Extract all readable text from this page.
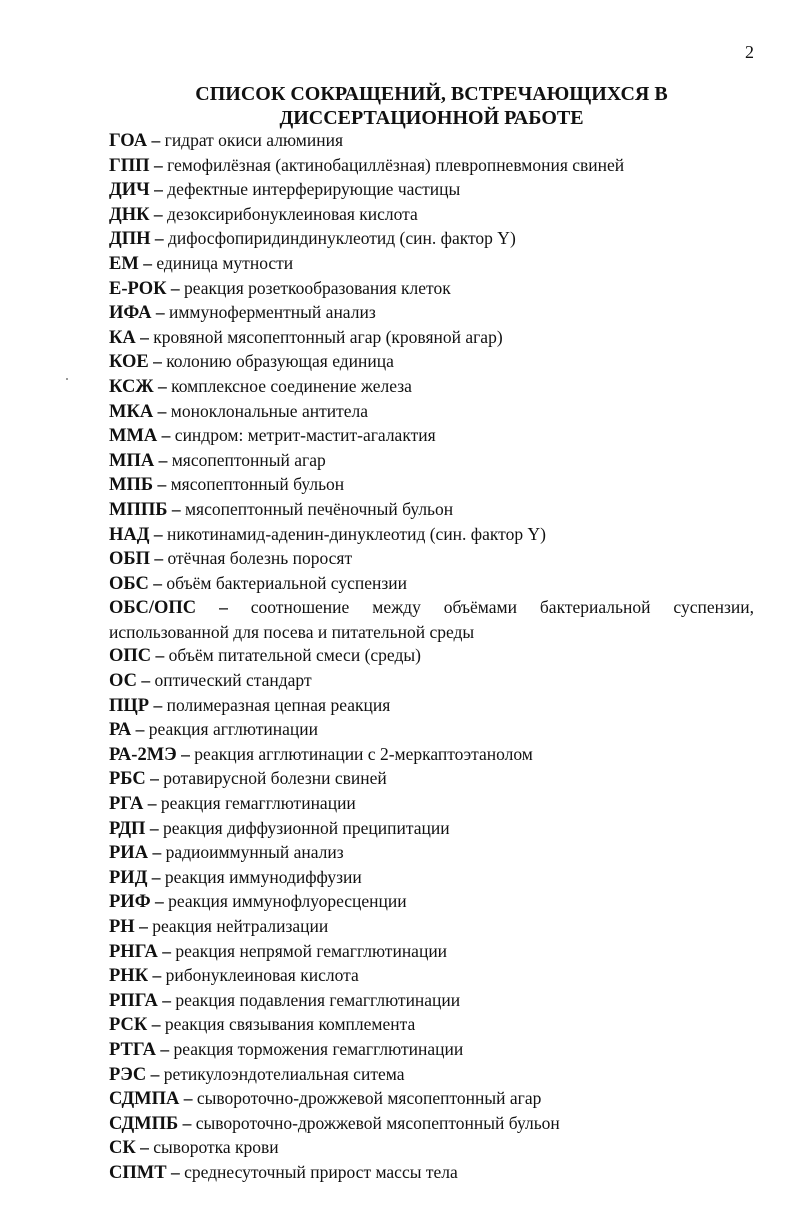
2
СПИСОК СОКРАЩЕНИЙ, ВСТРЕЧАЮЩИХСЯ В
ДИССЕРТАЦИОННОЙ РАБОТЕ
ГОА – гидрат окиси алюминия
ГПП – гемофилёзная (актинобациллёзная) плевропневмония свиней
ДИЧ – дефектные интерферирующие частицы
ДНК – дезоксирибонуклеиновая кислота
ДПН – дифосфопиридиндинуклеотид (син. фактор Y)
ЕМ – единица мутности
Е-РОК – реакция розеткообразования клеток
ИФА – иммуноферментный анализ
КА – кровяной мясопептонный агар (кровяной агар)
КОЕ – колонию образующая единица
КСЖ – комплексное соединение железа
МКА – моноклональные антитела
ММА – синдром: метрит-мастит-агалактия
МПА – мясопептонный агар
МПБ – мясопептонный бульон
МППБ – мясопептонный печёночный бульон
НАД – никотинамид-аденин-динуклеотид (син. фактор Y)
ОБП – отёчная болезнь поросят
ОБС – объём бактериальной суспензии
ОБС/ОПС – соотношение между объёмами бактериальной суспензии, использованной для посева и питательной среды
ОПС – объём питательной смеси (среды)
ОС – оптический стандарт
ПЦР – полимеразная цепная реакция
РА – реакция агглютинации
РА-2МЭ – реакция агглютинации с 2-меркаптоэтанолом
РБС – ротавирусной болезни свиней
РГА – реакция гемагглютинации
РДП – реакция диффузионной преципитации
РИА – радиоиммунный анализ
РИД – реакция иммунодиффузии
РИФ – реакция иммунофлуоресценции
РН – реакция нейтрализации
РНГА – реакция непрямой гемагглютинации
РНК – рибонуклеиновая кислота
РПГА – реакция подавления гемагглютинации
РСК – реакция связывания комплемента
РТГА – реакция торможения гемагглютинации
РЭС – ретикулоэндотелиальная ситема
СДМПА – сывороточно-дрожжевой мясопептонный агар
СДМПБ – сывороточно-дрожжевой мясопептонный бульон
СК – сыворотка крови
СПМТ – среднесуточный прирост массы тела
